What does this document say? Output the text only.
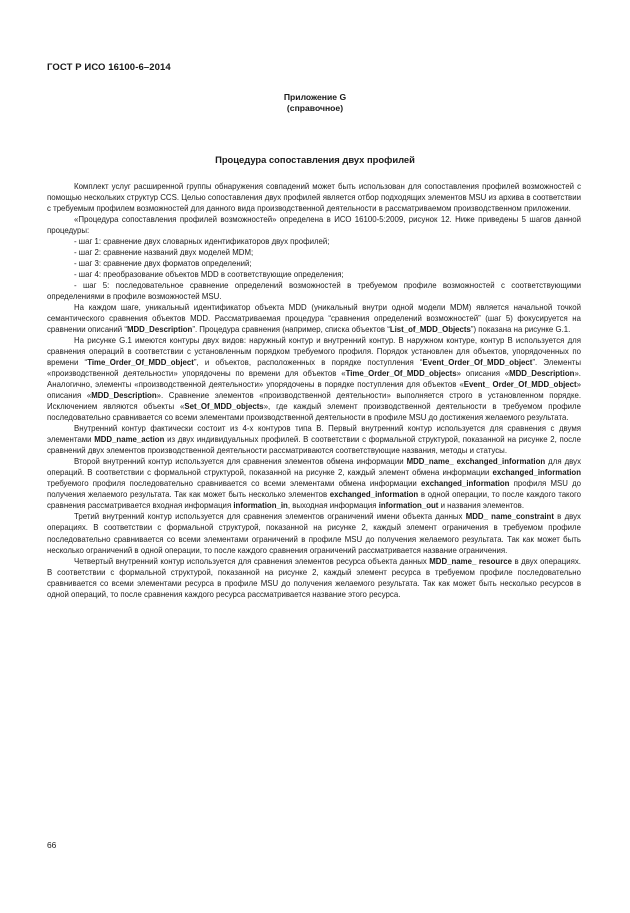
ГОСТ Р ИСО 16100-6–2014
Приложение G
(справочное)
Процедура сопоставления двух профилей

Комплект услуг расширенной группы обнаружения совпадений может быть использован для сопоставления профилей возможностей с помощью нескольких структур CCS. Целью сопоставления двух профилей является отбор подходящих элементов MSU из архива в соответствии с требуемым профилем возможностей для данного вида производственной деятельности в рассматриваемом производственном приложении.

«Процедура сопоставления профилей возможностей» определена в ИСО 16100-5:2009, рисунок 12. Ниже приведены 5 шагов данной процедуры:

- шаг 1: сравнение двух словарных идентификаторов двух профилей;

- шаг 2: сравнение названий двух моделей MDM;

- шаг 3: сравнение двух форматов определений;

- шаг 4: преобразование объектов MDD в соответствующие определения;

- шаг 5: последовательное сравнение определений возможностей в требуемом профиле возможностей с соответствующими определениями в профиле возможностей MSU.

На каждом шаге, уникальный идентификатор объекта MDD (уникальный внутри одной модели MDM) является начальной точкой семантического сравнения объектов MDD. Рассматриваемая процедура “сравнения определений возможностей” (шаг 5) фокусируется на сравнении описаний “MDD_Description”. Процедура сравнения (например, списка объектов “List_of_MDD_Objects”) показана на рисунке G.1.

На рисунке G.1 имеются контуры двух видов: наружный контур и внутренний контур. В наружном контуре, контур B используется для сравнения операций в соответствии с установленным порядком требуемого профиля. Порядок установлен для объектов, упорядоченных по времени “Time_Order_Of_MDD_object”, и объектов, расположенных в порядке поступления “Event_Order_Of_MDD_object”. Элементы «производственной деятельности» упорядочены по времени для объектов «Time_Order_Of_MDD_objects» описания «MDD_Description». Аналогично, элементы «производственной деятельности» упорядочены в порядке поступления для объектов «Event_ Order_Of_MDD_object» описания «MDD_Description». Сравнение элементов «производственной деятельности» выполняется строго в установленном порядке. Исключением являются объекты «Set_Of_MDD_objects», где каждый элемент производственной деятельности в требуемом профиле последовательно сравнивается со всеми элементами производственной деятельности в профиле MSU до достижения желаемого результата.

Внутренний контур фактически состоит из 4-х контуров типа B. Первый внутренний контур используется для сравнения с двумя элементами MDD_name_action из двух индивидуальных профилей. В соответствии с формальной структурой, показанной на рисунке 2, после сравнений двух элементов производственной деятельности рассматриваются соответствующие названия, методы и статусы.

Второй внутренний контур используется для сравнения элементов обмена информации MDD_name_ exchanged_information для двух операций. В соответствии с формальной структурой, показанной на рисунке 2, каждый элемент обмена информации exchanged_information требуемого профиля последовательно сравнивается со всеми элементами обмена информации exchanged_information профиля MSU до получения желаемого результата. Так как может быть несколько элементов exchanged_information в одной операции, то после каждого такого сравнения рассматривается входная информация information_in, выходная информация information_out и названия элементов.

Третий внутренний контур используется для сравнения элементов ограничений имени объекта данных MDD_ name_constraint в двух операциях. В соответствии с формальной структурой, показанной на рисунке 2, каждый элемент ограничения в требуемом профиле последовательно сравнивается со всеми элементами ограничений в профиле MSU до получения желаемого результата. Так как может быть несколько ограничений в одной операции, то после каждого сравнения ограничений рассматривается название ограничения.

Четвертый внутренний контур используется для сравнения элементов ресурса объекта данных MDD_name_ resource в двух операциях. В соответствии с формальной структурой, показанной на рисунке 2, каждый элемент ресурса в требуемом профиле последовательно сравнивается со всеми элементами ресурса в профиле MSU до получения желаемого результата. Так как может быть несколько ресурсов в одной операций, то после сравнения каждого ресурса рассматривается название этого ресурса.

66
